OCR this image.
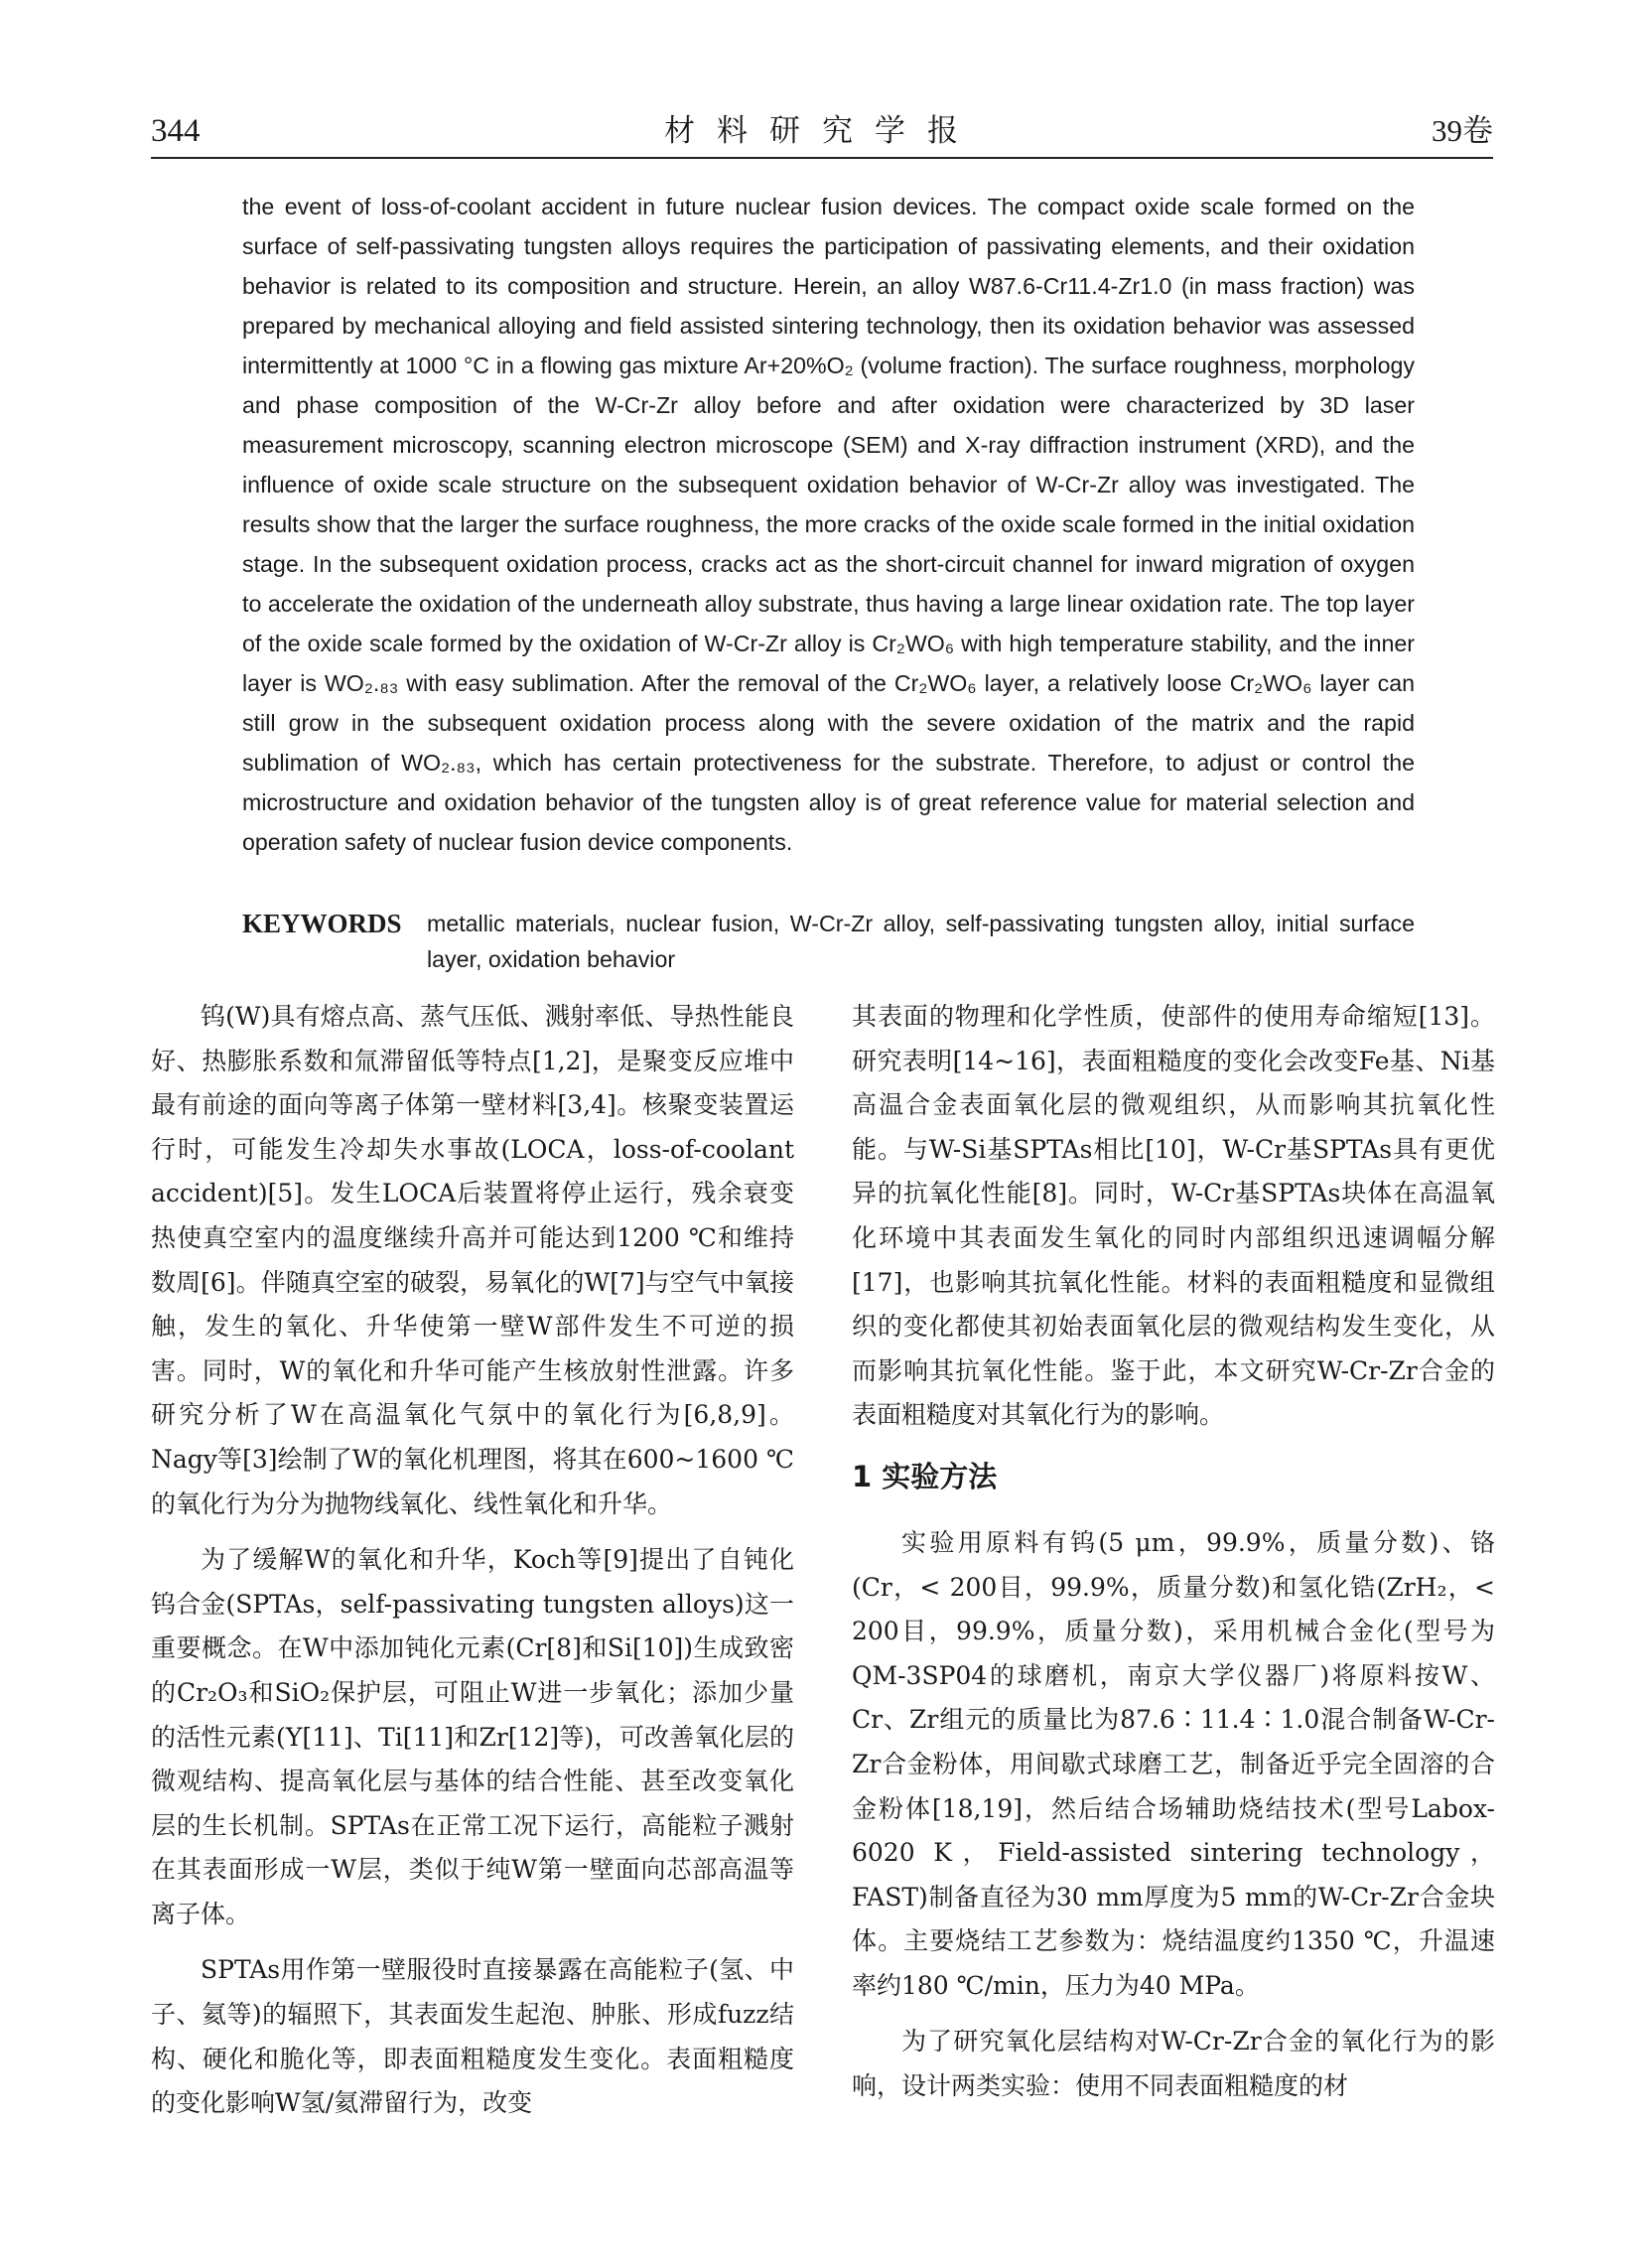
344	材料研究学报	39卷

the event of loss-of-coolant accident in future nuclear fusion devices. The compact oxide scale formed on the surface of self-passivating tungsten alloys requires the participation of passivating elements, and their oxidation behavior is related to its composition and structure. Herein, an alloy W87.6-Cr11.4-Zr1.0 (in mass fraction) was prepared by mechanical alloying and field assisted sintering technology, then its oxidation behavior was assessed intermittently at 1000 °C in a flowing gas mixture Ar+20%O₂ (volume fraction). The surface roughness, morphology and phase composition of the W-Cr-Zr alloy before and after oxidation were characterized by 3D laser measurement microscopy, scanning electron microscope (SEM) and X-ray diffraction instrument (XRD), and the influence of oxide scale structure on the subsequent oxidation behavior of W-Cr-Zr alloy was investigated. The results show that the larger the surface roughness, the more cracks of the oxide scale formed in the initial oxidation stage. In the subsequent oxidation process, cracks act as the short-circuit channel for inward migration of oxygen to accelerate the oxidation of the underneath alloy substrate, thus having a large linear oxidation rate. The top layer of the oxide scale formed by the oxidation of W-Cr-Zr alloy is Cr₂WO₆ with high temperature stability, and the inner layer is WO₂.₈₃ with easy sublimation. After the removal of the Cr₂WO₆ layer, a relatively loose Cr₂WO₆ layer can still grow in the subsequent oxidation process along with the severe oxidation of the matrix and the rapid sublimation of WO₂.₈₃, which has certain protectiveness for the substrate. Therefore, to adjust or control the microstructure and oxidation behavior of the tungsten alloy is of great reference value for material selection and operation safety of nuclear fusion device components.

KEYWORDS metallic materials, nuclear fusion, W-Cr-Zr alloy, self-passivating tungsten alloy, initial surface layer, oxidation behavior

钨(W)具有熔点高、蒸气压低、溅射率低、导热性能良好、热膨胀系数和氚滞留低等特点[1,2]，是聚变反应堆中最有前途的面向等离子体第一壁材料[3,4]。核聚变装置运行时，可能发生冷却失水事故(LOCA，loss-of-coolant accident)[5]。发生LOCA后装置将停止运行，残余衰变热使真空室内的温度继续升高并可能达到1200 ℃和维持数周[6]。伴随真空室的破裂，易氧化的W[7]与空气中氧接触，发生的氧化、升华使第一壁W部件发生不可逆的损害。同时，W的氧化和升华可能产生核放射性泄露。许多研究分析了W在高温氧化气氛中的氧化行为[6,8,9]。Nagy等[3]绘制了W的氧化机理图，将其在600~1600 ℃的氧化行为分为抛物线氧化、线性氧化和升华。

为了缓解W的氧化和升华，Koch等[9]提出了自钝化钨合金(SPTAs，self-passivating tungsten alloys)这一重要概念。在W中添加钝化元素(Cr[8]和Si[10])生成致密的Cr₂O₃和SiO₂保护层，可阻止W进一步氧化；添加少量的活性元素(Y[11]、Ti[11]和Zr[12]等)，可改善氧化层的微观结构、提高氧化层与基体的结合性能、甚至改变氧化层的生长机制。SPTAs在正常工况下运行，高能粒子溅射在其表面形成一W层，类似于纯W第一壁面向芯部高温等离子体。

SPTAs用作第一壁服役时直接暴露在高能粒子(氢、中子、氦等)的辐照下，其表面发生起泡、肿胀、形成fuzz结构、硬化和脆化等，即表面粗糙度发生变化。表面粗糙度的变化影响W氢/氦滞留行为，改变

其表面的物理和化学性质，使部件的使用寿命缩短[13]。研究表明[14~16]，表面粗糙度的变化会改变Fe基、Ni基高温合金表面氧化层的微观组织，从而影响其抗氧化性能。与W-Si基SPTAs相比[10]，W-Cr基SPTAs具有更优异的抗氧化性能[8]。同时，W-Cr基SPTAs块体在高温氧化环境中其表面发生氧化的同时内部组织迅速调幅分解[17]，也影响其抗氧化性能。材料的表面粗糙度和显微组织的变化都使其初始表面氧化层的微观结构发生变化，从而影响其抗氧化性能。鉴于此，本文研究W-Cr-Zr合金的表面粗糙度对其氧化行为的影响。

1 实验方法

实验用原料有钨(5 μm，99.9%，质量分数)、铬(Cr，< 200目，99.9%，质量分数)和氢化锆(ZrH₂，< 200目，99.9%，质量分数)，采用机械合金化(型号为QM-3SP04的球磨机，南京大学仪器厂)将原料按W、Cr、Zr组元的质量比为87.6∶11.4∶1.0混合制备W-Cr-Zr合金粉体，用间歇式球磨工艺，制备近乎完全固溶的合金粉体[18,19]，然后结合场辅助烧结技术(型号Labox-6020 K，Field-assisted sintering technology，FAST)制备直径为30 mm厚度为5 mm的W-Cr-Zr合金块体。主要烧结工艺参数为：烧结温度约1350 ℃，升温速率约180 ℃/min，压力为40 MPa。

为了研究氧化层结构对W-Cr-Zr合金的氧化行为的影响，设计两类实验：使用不同表面粗糙度的材
